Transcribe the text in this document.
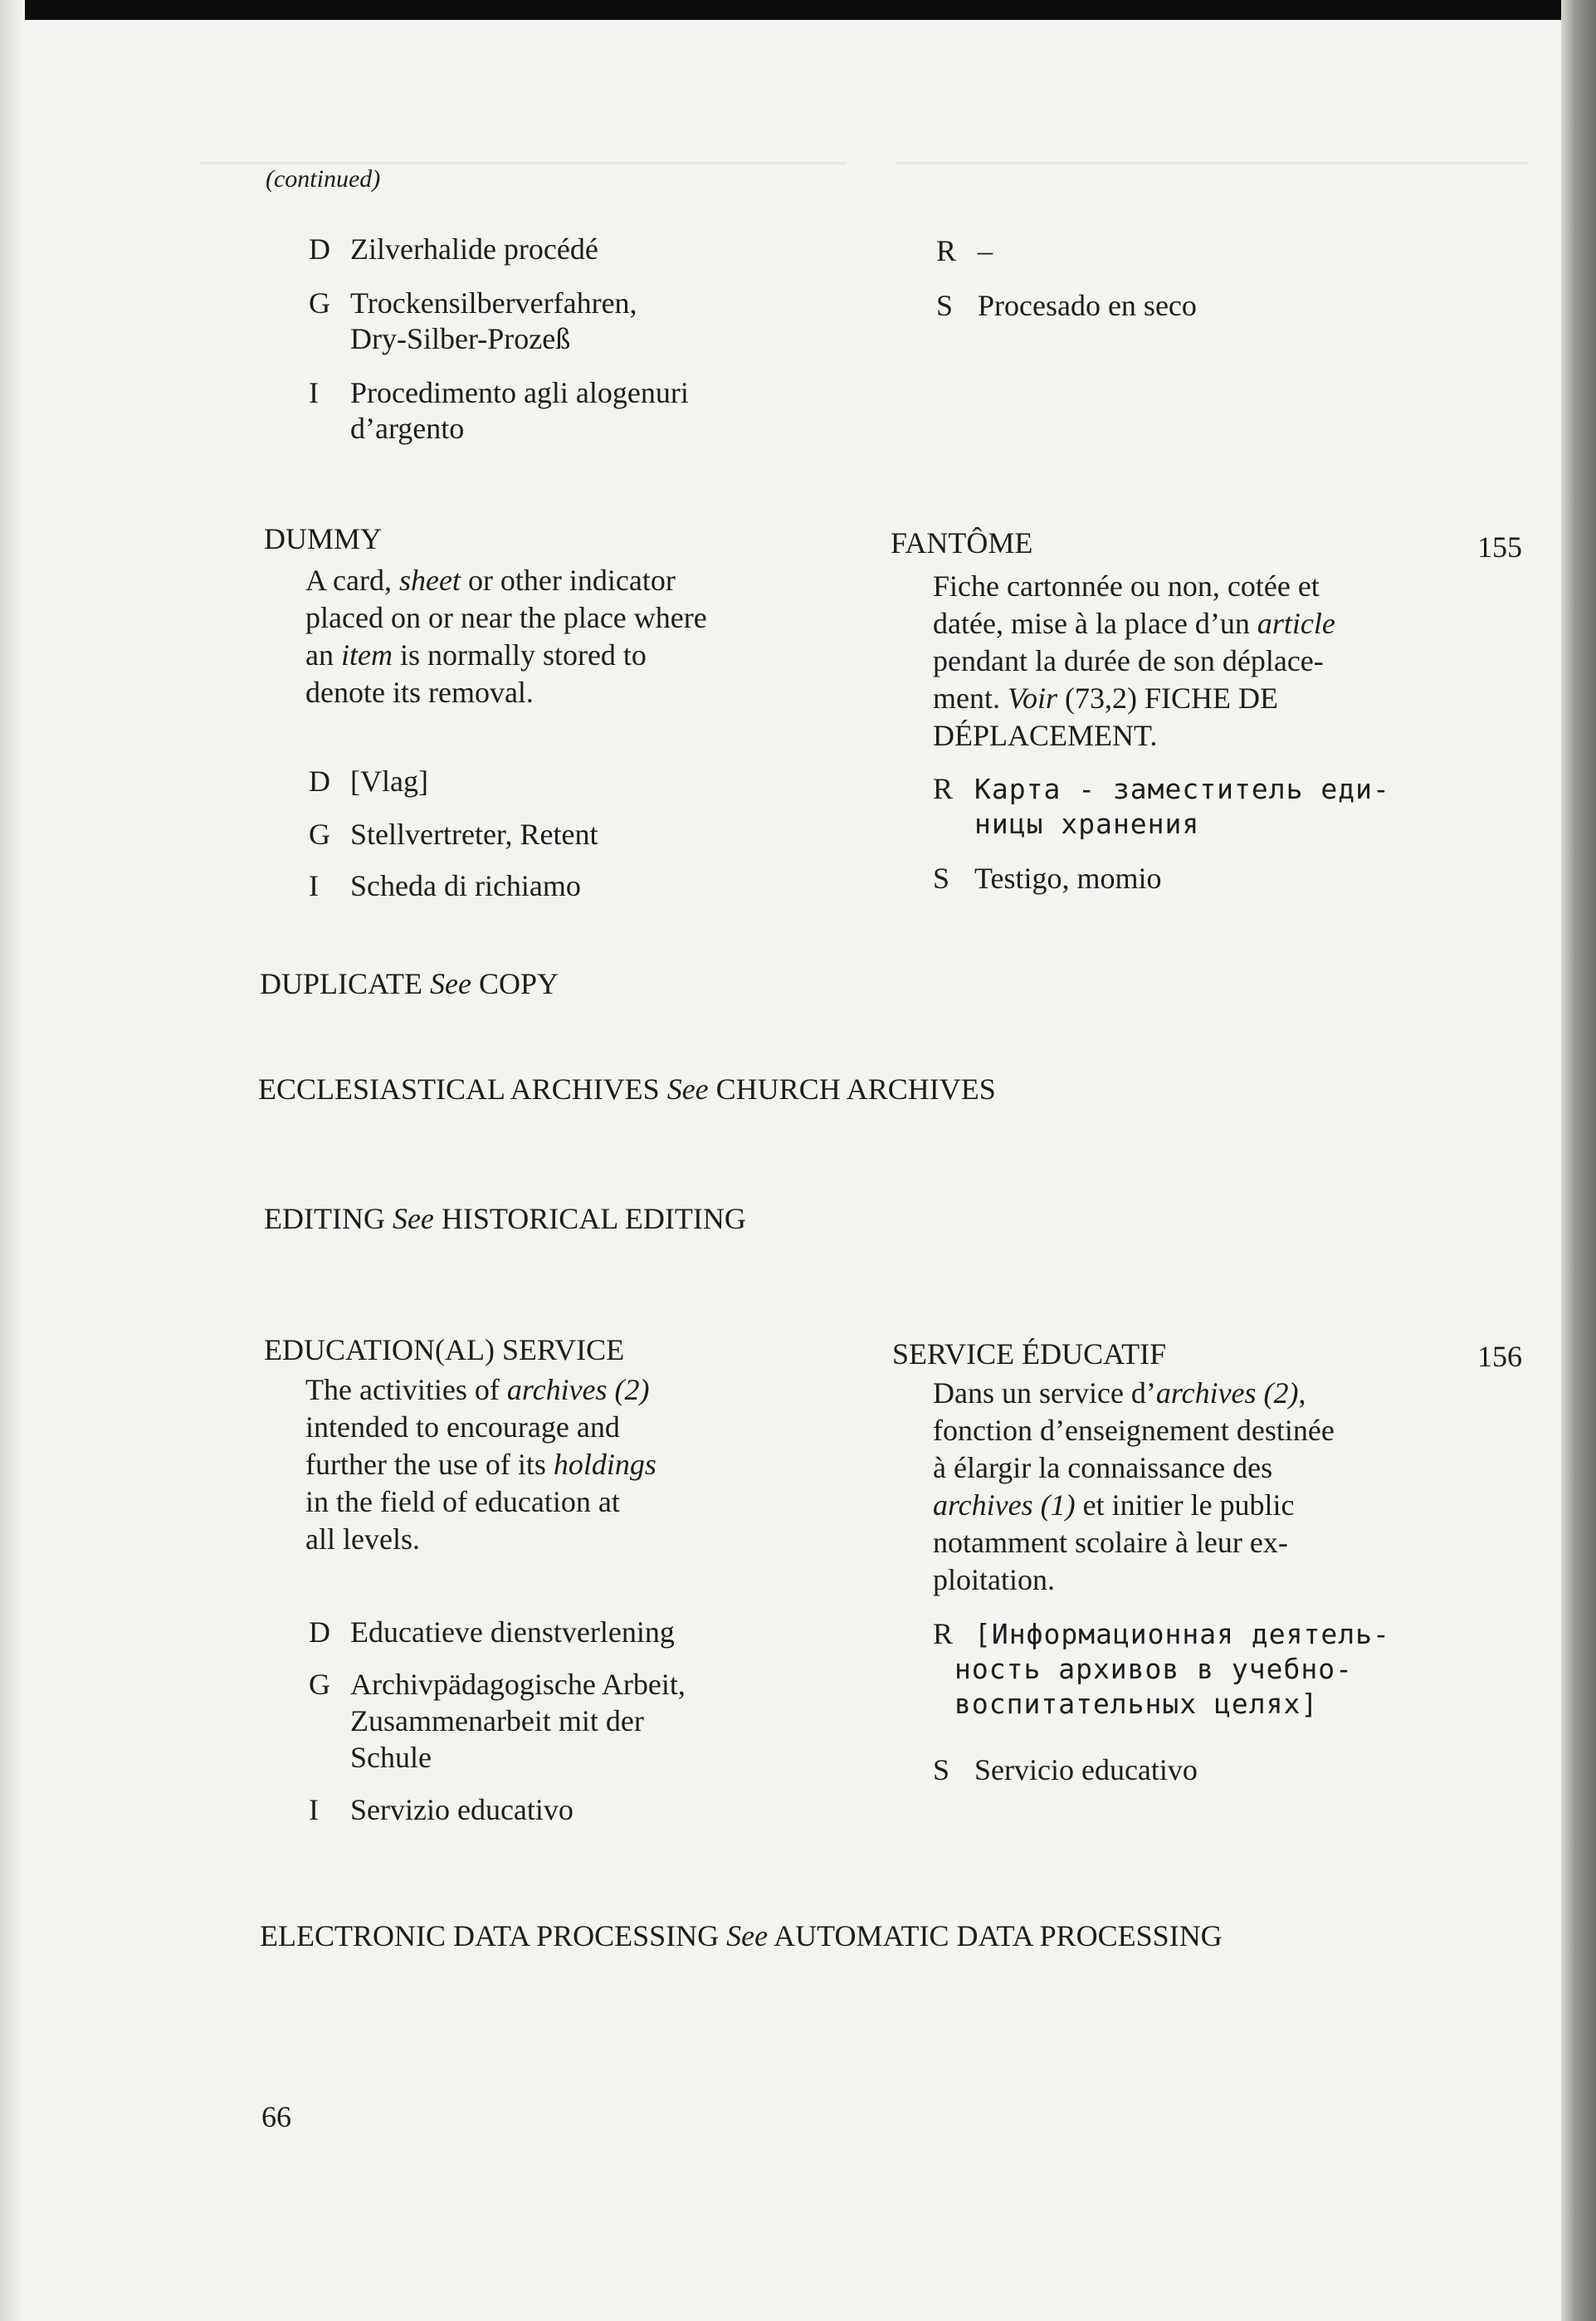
(continued)
D Zilverhalide procédé
G Trockensilberverfahren,
Dry-Silber-Prozeß
I Procedimento agli alogenuri
d’argento
R –
S Procesado en seco
DUMMY
A card, sheet or other indicator
placed on or near the place where
an item is normally stored to
denote its removal.
D [Vlag]
G Stellvertreter, Retent
I Scheda di richiamo
FANTÔME	155
Fiche cartonnée ou non, cotée et
datée, mise à la place d’un article
pendant la durée de son déplace-
ment. Voir (73,2) FICHE DE
DÉPLACEMENT.
R Карта - заместитель еди-
ницы хранения
S Testigo, momio
DUPLICATE See COPY
ECCLESIASTICAL ARCHIVES See CHURCH ARCHIVES
EDITING See HISTORICAL EDITING
EDUCATION(AL) SERVICE
The activities of archives (2)
intended to encourage and
further the use of its holdings
in the field of education at
all levels.
D Educatieve dienstverlening
G Archivpädagogische Arbeit,
Zusammenarbeit mit der
Schule
I Servizio educativo
SERVICE ÉDUCATIF	156
Dans un service d’archives (2),
fonction d’enseignement destinée
à élargir la connaissance des
archives (1) et initier le public
notamment scolaire à leur ex-
ploitation.
R [Информационная деятель-
ность архивов в учебно-
воспитательных целях]
S Servicio educativo
ELECTRONIC DATA PROCESSING See AUTOMATIC DATA PROCESSING
66
